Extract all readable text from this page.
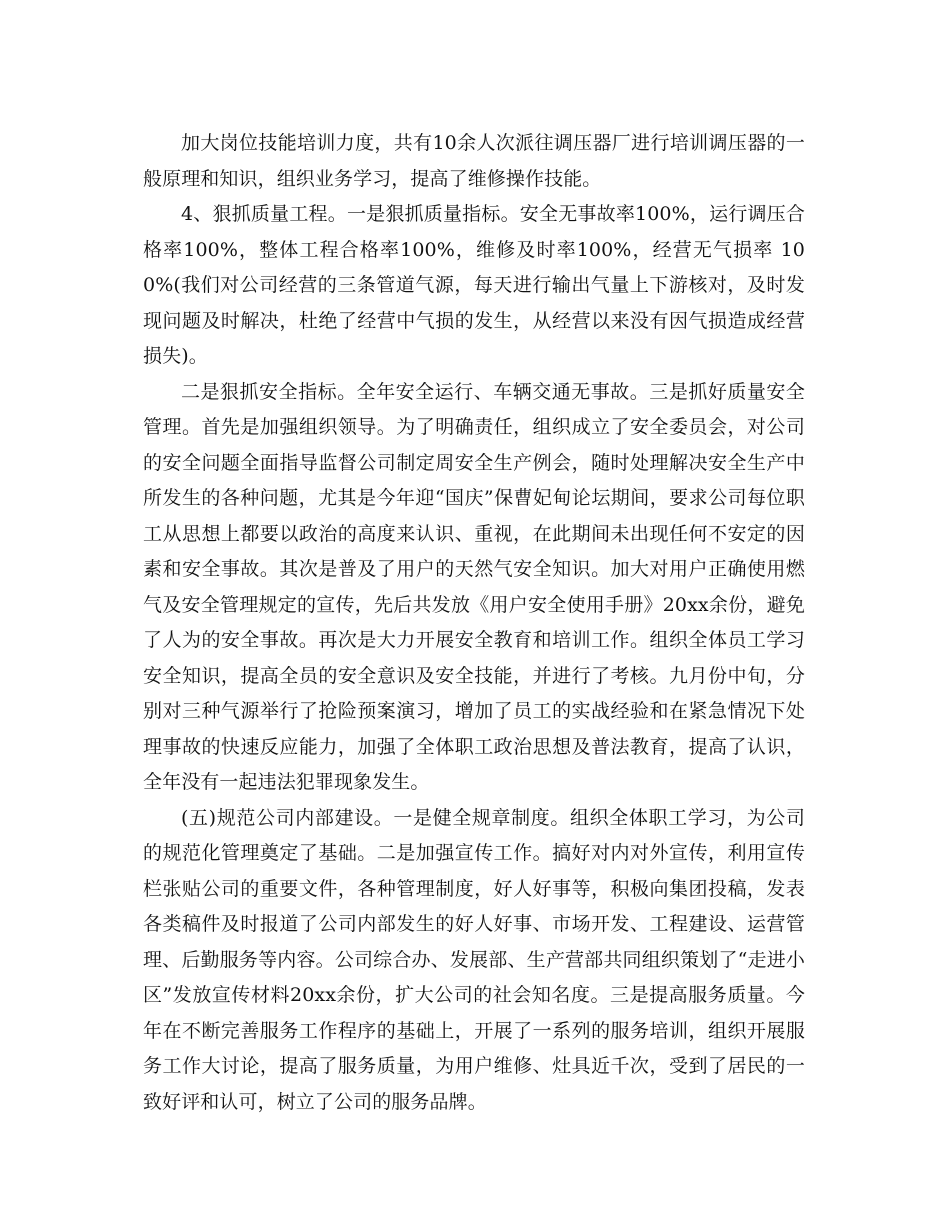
加大岗位技能培训力度，共有10余人次派往调压器厂进行培训调压器的一般原理和知识，组织业务学习，提高了维修操作技能。

4、狠抓质量工程。一是狠抓质量指标。安全无事故率100%，运行调压合格率100%，整体工程合格率100%，维修及时率100%，经营无气损率 100%(我们对公司经营的三条管道气源，每天进行输出气量上下游核对，及时发现问题及时解决，杜绝了经营中气损的发生，从经营以来没有因气损造成经营损失)。

二是狠抓安全指标。全年安全运行、车辆交通无事故。三是抓好质量安全管理。首先是加强组织领导。为了明确责任，组织成立了安全委员会，对公司的安全问题全面指导监督公司制定周安全生产例会，随时处理解决安全生产中所发生的各种问题，尤其是今年迎“国庆”保曹妃甸论坛期间，要求公司每位职工从思想上都要以政治的高度来认识、重视，在此期间未出现任何不安定的因素和安全事故。其次是普及了用户的天然气安全知识。加大对用户正确使用燃气及安全管理规定的宣传，先后共发放《用户安全使用手册》20xx余份，避免了人为的安全事故。再次是大力开展安全教育和培训工作。组织全体员工学习安全知识，提高全员的安全意识及安全技能，并进行了考核。九月份中旬，分别对三种气源举行了抢险预案演习，增加了员工的实战经验和在紧急情况下处理事故的快速反应能力，加强了全体职工政治思想及普法教育，提高了认识，全年没有一起违法犯罪现象发生。

(五)规范公司内部建设。一是健全规章制度。组织全体职工学习，为公司的规范化管理奠定了基础。二是加强宣传工作。搞好对内对外宣传，利用宣传栏张贴公司的重要文件，各种管理制度，好人好事等，积极向集团投稿，发表各类稿件及时报道了公司内部发生的好人好事、市场开发、工程建设、运营管理、后勤服务等内容。公司综合办、发展部、生产营部共同组织策划了“走进小区”发放宣传材料20xx余份，扩大公司的社会知名度。三是提高服务质量。今年在不断完善服务工作程序的基础上，开展了一系列的服务培训，组织开展服务工作大讨论，提高了服务质量，为用户维修、灶具近千次，受到了居民的一致好评和认可，树立了公司的服务品牌。
